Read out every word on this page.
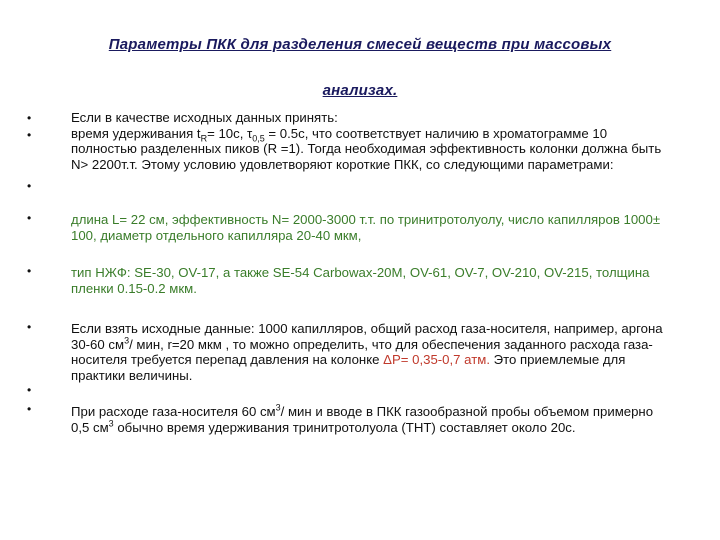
Параметры ПКК для разделения смесей веществ при массовых
анализах.
•
•
•
•
•
•
•
•
Если в качестве исходных данных принять:
время удерживания $t_R= 10с$, $\tau_{0,5} = 0.5с$, что соответствует наличию в хроматограмме 10 полностью разделенных пиков (R =1). Тогда необходимая эффективность колонки должна быть
N> 2200т.т. Этому условию удовлетворяют короткие ПКК, со следующими параметрами:
длина L= 22 см, эффективность N= 2000-3000 т.т. по тринитротолуолу, число капилляров 1000± 100, диаметр отдельного капилляра 20-40 мкм,
тип НЖФ: SE-30, OV-17, а также SE-54 Carbowax-20M, OV-61, OV-7, OV-210, OV-215, толщина пленки 0.15-0.2 мкм.
Если взять исходные данные: 1000 капилляров, общий расход газа-носителя, например, аргона 30-60 $см^3/$ мин, r=20 мкм , то можно определить, что для обеспечения заданного расхода газа-носителя требуется перепад давления на колонке ΔP= 0,35-0,7 атм. Это приемлемые для практики величины.
При расходе газа-носителя 60 $см^3/$ мин и вводе в ПКК газообразной пробы объемом примерно 0,5 $см^3$ обычно время удерживания тринитротолуола (ТНТ) составляет около 20с.
